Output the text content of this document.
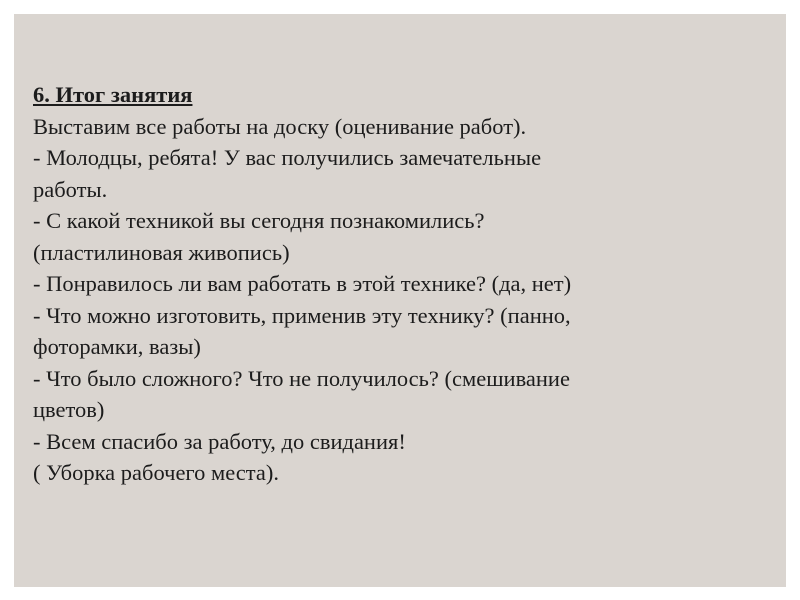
6. Итог занятия
Выставим все работы на доску (оценивание работ).
- Молодцы, ребята! У вас получились замечательные
работы.
- С какой техникой вы сегодня познакомились?
(пластилиновая живопись)
- Понравилось ли вам работать в этой технике? (да, нет)
- Что можно изготовить, применив эту технику? (панно,
фоторамки, вазы)
- Что было сложного? Что не получилось? (смешивание
цветов)
- Всем спасибо за работу, до свидания!
( Уборка рабочего места).
